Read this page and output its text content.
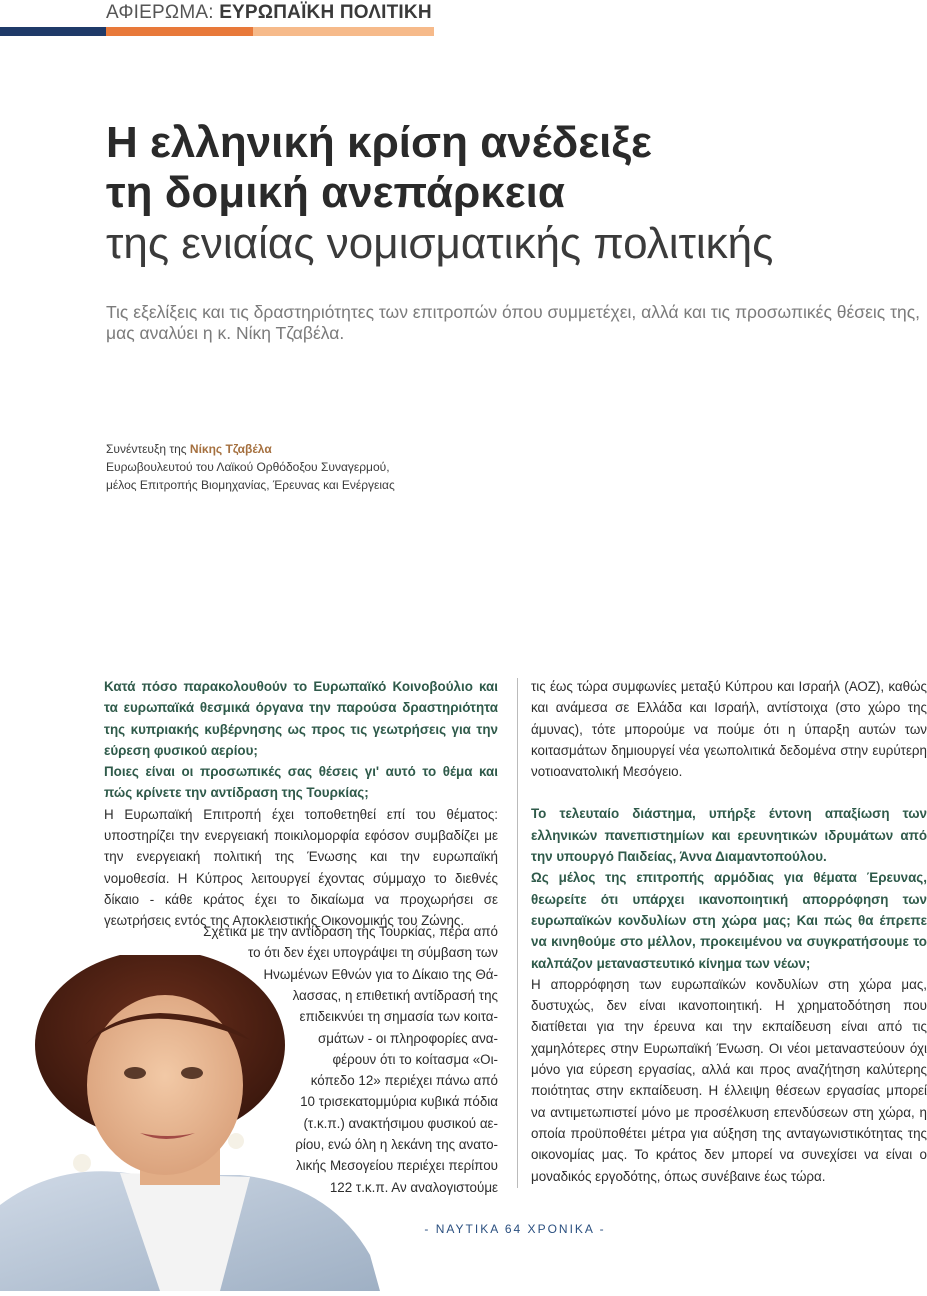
ΑΦΙΕΡΩΜΑ: ΕΥΡΩΠΑΪΚΗ ΠΟΛΙΤΙΚΗ
Η ελληνική κρίση ανέδειξε
τη δομική ανεπάρκεια
της ενιαίας νομισματικής πολιτικής
Τις εξελίξεις και τις δραστηριότητες των επιτροπών όπου συμμετέχει, αλλά και τις προσωπικές θέσεις της, μας αναλύει η κ. Νίκη Τζαβέλα.
Συνέντευξη της Νίκης Τζαβέλα
Ευρωβουλευτού του Λαϊκού Ορθόδοξου Συναγερμού,
μέλος Επιτροπής Βιομηχανίας, Έρευνας και Ενέργειας

Κατά πόσο παρακολουθούν το Ευρωπαϊκό Κοινοβούλιο και τα ευρωπαϊκά θεσμικά όργανα την παρούσα δραστηριότητα της κυπριακής κυβέρνησης ως προς τις γεωτρήσεις για την εύρεση φυσικού αερίου;

Ποιες είναι οι προσωπικές σας θέσεις γι' αυτό το θέμα και πώς κρίνετε την αντίδραση της Τουρκίας;

Η Ευρωπαϊκή Επιτροπή έχει τοποθετηθεί επί του θέματος: υποστηρίζει την ενεργειακή ποικιλομορφία εφόσον συμβαδίζει με την ενεργειακή πολιτική της Ένωσης και την ευρωπαϊκή νομοθεσία. Η Κύπρος λειτουργεί έχοντας σύμμαχο το διεθνές δίκαιο - κάθε κράτος έχει το δικαίωμα να προχωρήσει σε γεωτρήσεις εντός της Αποκλειστικής Οικονομικής του Ζώνης.

Σχετικά με την αντίδραση της Τουρκίας, πέρα από
το ότι δεν έχει υπογράψει τη σύμβαση των
Ηνωμένων Εθνών για το Δίκαιο της Θά-
λασσας, η επιθετική αντίδρασή της
επιδεικνύει τη σημασία των κοιτα-
σμάτων - οι πληροφορίες ανα-
φέρουν ότι το κοίτασμα «Οι-
κόπεδο 12» περιέχει πάνω από
10 τρισεκατομμύρια κυβικά πόδια
(τ.κ.π.) ανακτήσιμου φυσικού αε-
ρίου, ενώ όλη η λεκάνη της ανατο-
λικής Μεσογείου περιέχει περίπου
122 τ.κ.π. Αν αναλογιστούμε

τις έως τώρα συμφωνίες μεταξύ Κύπρου και Ισραήλ (ΑΟΖ), καθώς και ανάμεσα σε Ελλάδα και Ισραήλ, αντίστοιχα (στο χώρο της άμυνας), τότε μπορούμε να πούμε ότι η ύπαρξη αυτών των κοιτασμάτων δημιουργεί νέα γεωπολιτικά δεδομένα στην ευρύτερη νοτιοανατολική Μεσόγειο.

Το τελευταίο διάστημα, υπήρξε έντονη απαξίωση των ελληνικών πανεπιστημίων και ερευνητικών ιδρυμάτων από την υπουργό Παιδείας, Άννα Διαμαντοπούλου.

Ως μέλος της επιτροπής αρμόδιας για θέματα Έρευνας, θεωρείτε ότι υπάρχει ικανοποιητική απορρόφηση των ευρωπαϊκών κονδυλίων στη χώρα μας; Και πώς θα έπρεπε να κινηθούμε στο μέλλον, προκειμένου να συγκρατήσουμε το καλπάζον μεταναστευτικό κίνημα των νέων;

Η απορρόφηση των ευρωπαϊκών κονδυλίων στη χώρα μας, δυστυχώς, δεν είναι ικανοποιητική. Η χρηματοδότηση που διατίθεται για την έρευνα και την εκπαίδευση είναι από τις χαμηλότερες στην Ευρωπαϊκή Ένωση. Οι νέοι μεταναστεύουν όχι μόνο για εύρεση εργασίας, αλλά και προς αναζήτηση καλύτερης ποιότητας στην εκπαίδευση. Η έλλειψη θέσεων εργασίας μπορεί να αντιμετωπιστεί μόνο με προσέλκυση επενδύσεων στη χώρα, η οποία προϋποθέτει μέτρα για αύξηση της ανταγωνιστικότητας της οικονομίας μας. Το κράτος δεν μπορεί να συνεχίσει να είναι ο μοναδικός εργοδότης, όπως συνέβαινε έως τώρα.

- ΝΑΥΤΙΚΑ 64 ΧΡΟΝΙΚΑ -
